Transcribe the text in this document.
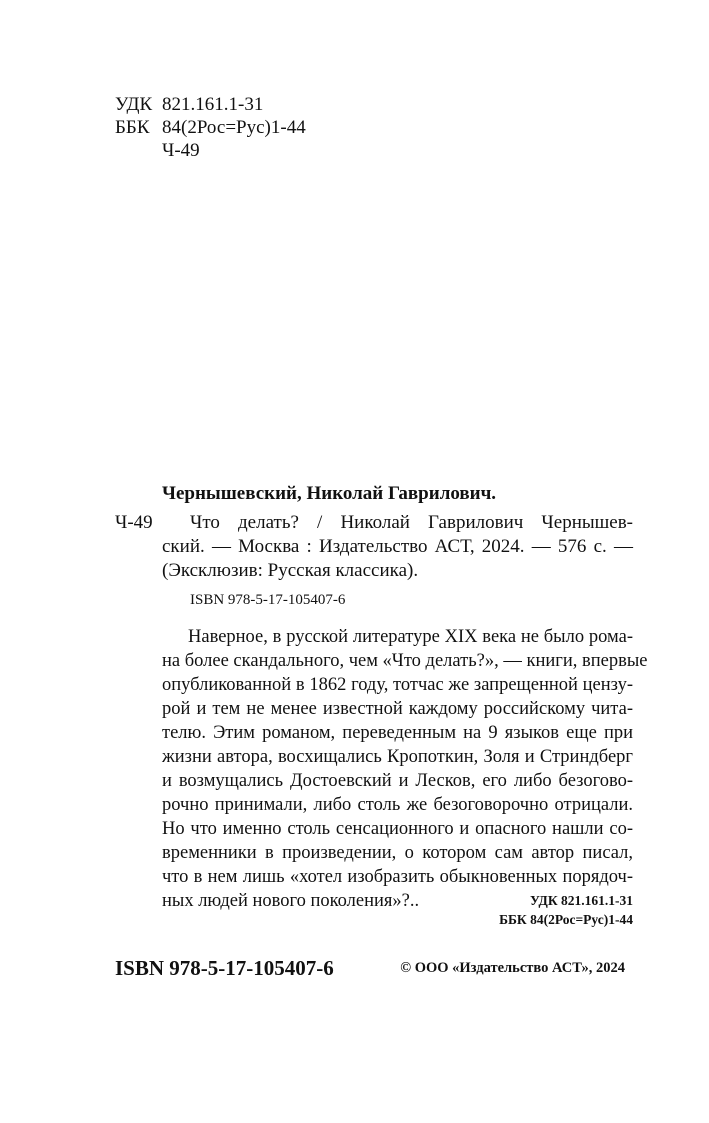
УДК 821.161.1-31
ББК 84(2Рос=Рус)1-44
Ч-49
Чернышевский, Николай Гаврилович.
Ч-49 Что делать? / Николай Гаврилович Чернышев-
ский. — Москва : Издательство АСТ, 2024. — 576 с. —
(Эксклюзив: Русская классика).
ISBN 978-5-17-105407-6
Наверное, в русской литературе XIX века не было рома-
на более скандального, чем «Что делать?», — книги, впервые
опубликованной в 1862 году, тотчас же запрещенной цензу-
рой и тем не менее известной каждому российскому чита-
телю. Этим романом, переведенным на 9 языков еще при
жизни автора, восхищались Кропоткин, Золя и Стриндберг
и возмущались Достоевский и Лесков, его либо безогово-
рочно принимали, либо столь же безоговорочно отрицали.
Но что именно столь сенсационного и опасного нашли со-
временники в произведении, о котором сам автор писал,
что в нем лишь «хотел изобразить обыкновенных порядоч-
ных людей нового поколения»?..	УДК 821.161.1-31
ББК 84(2Рос=Рус)1-44
ISBN 978-5-17-105407-6	© ООО «Издательство АСТ», 2024
